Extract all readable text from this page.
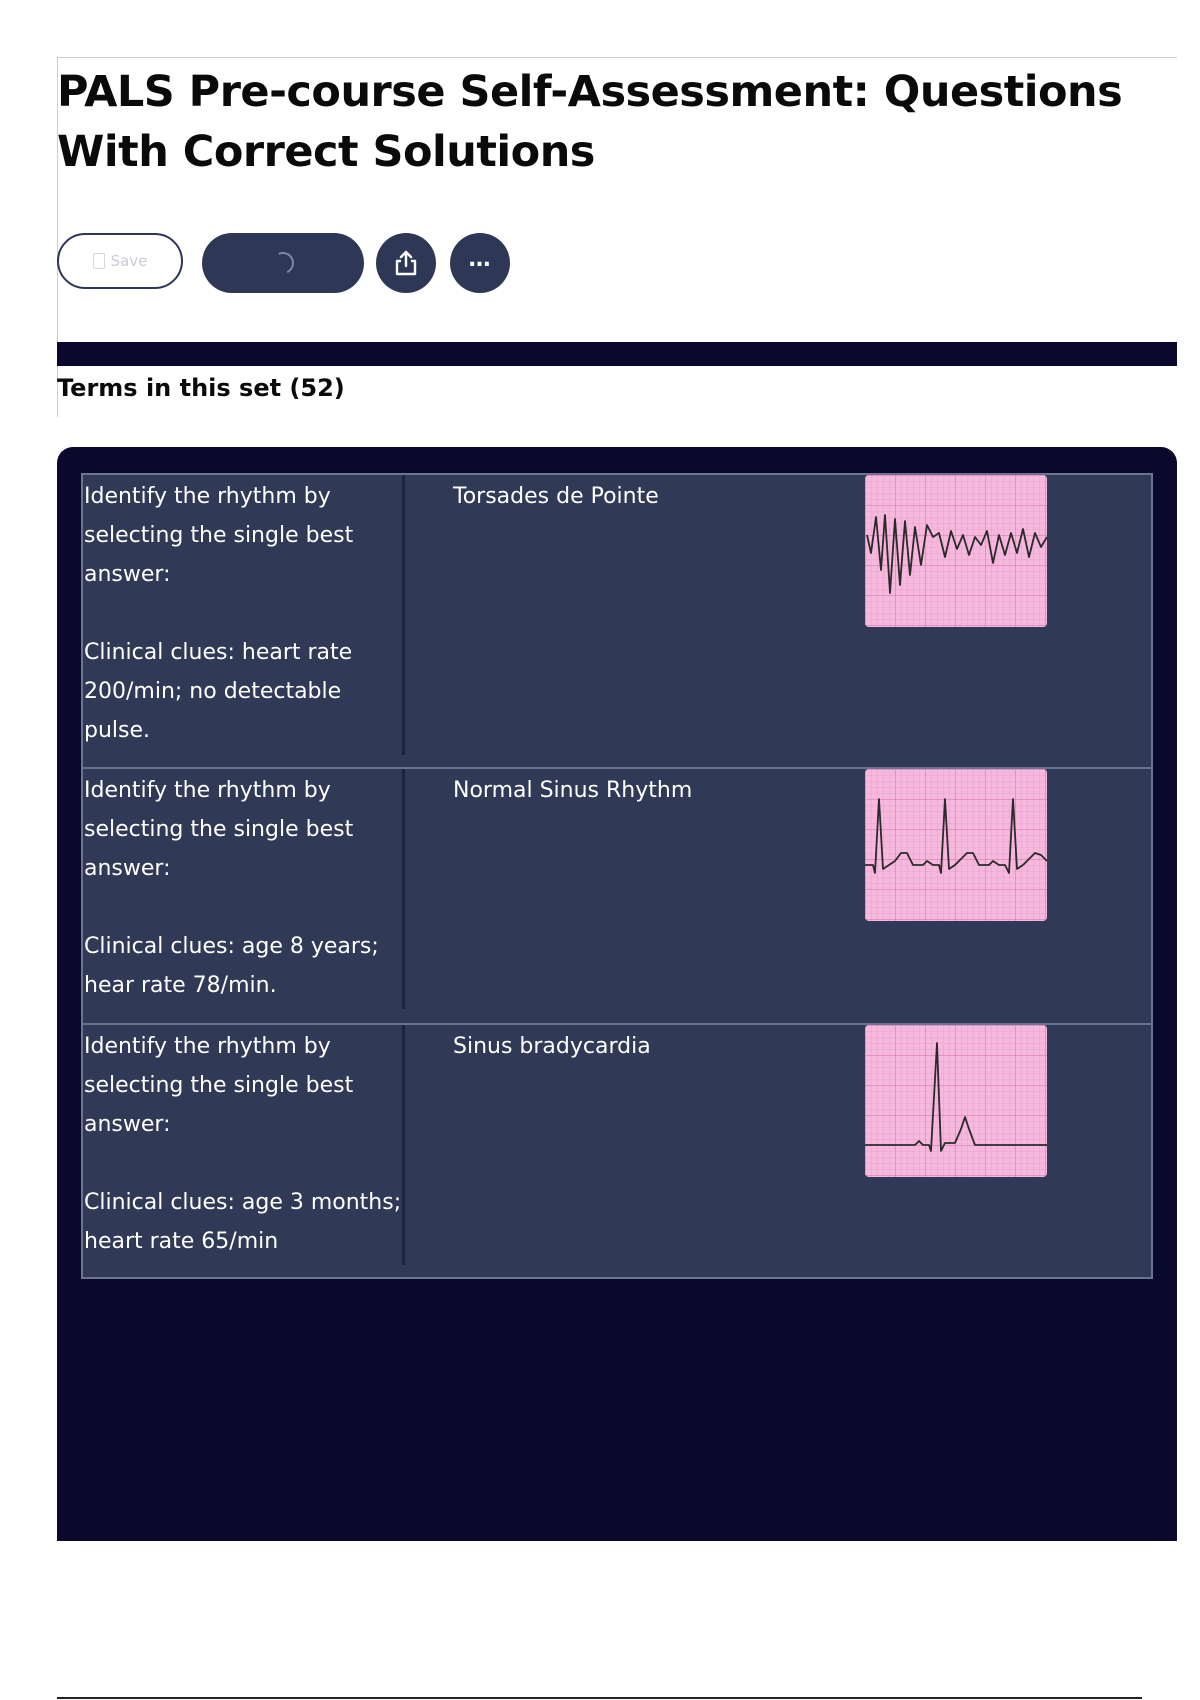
PALS Pre-course Self-Assessment: Questions With Correct Solutions
Save	…
Terms in this set (52)

Identify the rhythm by selecting the single best answer:

Clinical clues: heart rate 200/min; no detectable pulse.

Torsades de Pointe

Identify the rhythm by selecting the single best answer:

Clinical clues: age 8 years; hear rate 78/min.

Normal Sinus Rhythm

Identify the rhythm by selecting the single best answer:

Clinical clues: age 3 months; heart rate 65/min

Sinus bradycardia
